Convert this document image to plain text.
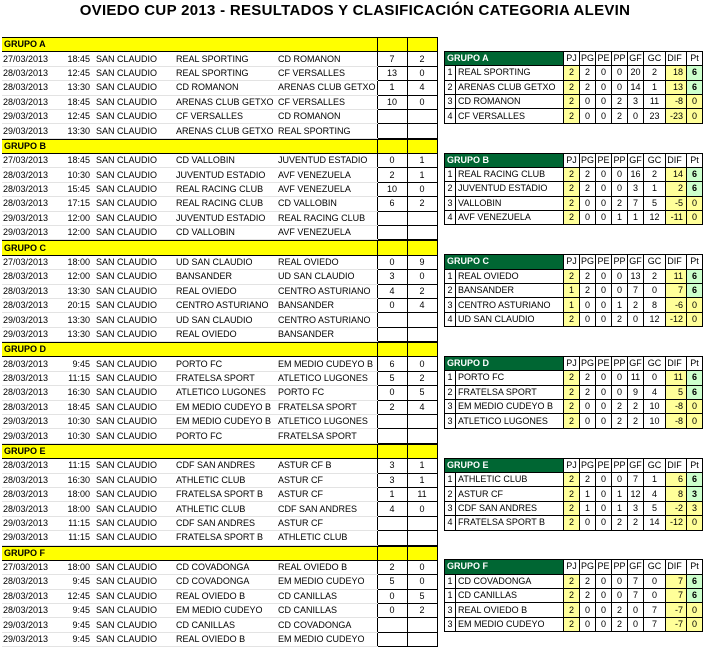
OVIEDO CUP 2013 - RESULTADOS Y CLASIFICACIÓN CATEGORIA ALEVIN
GRUPO A						
27/03/2013	18:45	SAN CLAUDIO	REAL SPORTING	CD ROMANON	7	2
28/03/2013	12:45	SAN CLAUDIO	REAL SPORTING	CF VERSALLES	13	0
28/03/2013	13:30	SAN CLAUDIO	CD ROMANON	ARENAS CLUB GETXO	1	4
28/03/2013	18:45	SAN CLAUDIO	ARENAS CLUB GETXO	CF VERSALLES	10	0
29/03/2013	12:45	SAN CLAUDIO	CF VERSALLES	CD ROMANON		
29/03/2013	13:30	SAN CLAUDIO	ARENAS CLUB GETXO	REAL SPORTING		
GRUPO A		PJ	PG	PE	PP	GF	GC	DIF	Pt
1	REAL SPORTING	2	2	0	0	20	2	18	6
2	ARENAS CLUB GETXO	2	2	0	0	14	1	13	6
3	CD ROMANON	2	0	0	2	3	11	-8	0
4	CF VERSALLES	2	0	0	2	0	23	-23	0
GRUPO B						
27/03/2013	18:45	SAN CLAUDIO	CD VALLOBIN	JUVENTUD ESTADIO	0	1
28/03/2013	10:30	SAN CLAUDIO	JUVENTUD ESTADIO	AVF VENEZUELA	2	1
28/03/2013	15:45	SAN CLAUDIO	REAL RACING CLUB	AVF VENEZUELA	10	0
28/03/2013	17:15	SAN CLAUDIO	REAL RACING CLUB	CD VALLOBIN	6	2
29/03/2013	12:00	SAN CLAUDIO	JUVENTUD ESTADIO	REAL RACING CLUB		
29/03/2013	12:00	SAN CLAUDIO	CD VALLOBIN	AVF VENEZUELA		
GRUPO B		PJ	PG	PE	PP	GF	GC	DIF	Pt
1	REAL RACING CLUB	2	2	0	0	16	2	14	6
2	JUVENTUD ESTADIO	2	2	0	0	3	1	2	6
3	VALLOBIN	2	0	0	2	7	5	-5	0
4	AVF VENEZUELA	2	0	0	1	1	12	-11	0
GRUPO C						
27/03/2013	18:00	SAN CLAUDIO	UD SAN CLAUDIO	REAL OVIEDO	0	9
28/03/2013	12:00	SAN CLAUDIO	BANSANDER	UD SAN CLAUDIO	3	0
28/03/2013	13:30	SAN CLAUDIO	REAL OVIEDO	CENTRO ASTURIANO	4	2
28/03/2013	20:15	SAN CLAUDIO	CENTRO ASTURIANO	BANSANDER	0	4
29/03/2013	13:30	SAN CLAUDIO	UD SAN CLAUDIO	CENTRO ASTURIANO		
29/03/2013	13:30	SAN CLAUDIO	REAL OVIEDO	BANSANDER		
GRUPO C		PJ	PG	PE	PP	GF	GC	DIF	Pt
1	REAL OVIEDO	2	2	0	0	13	2	11	6
2	BANSANDER	1	2	0	0	7	0	7	6
3	CENTRO ASTURIANO	1	0	0	1	2	8	-6	0
4	UD SAN CLAUDIO	2	0	0	2	0	12	-12	0
GRUPO D						
28/03/2013	9:45	SAN CLAUDIO	PORTO FC	EM MEDIO CUDEYO B	6	0
28/03/2013	11:15	SAN CLAUDIO	FRATELSA SPORT	ATLETICO LUGONES	5	2
28/03/2013	16:30	SAN CLAUDIO	ATLETICO LUGONES	PORTO FC	0	5
28/03/2013	18:45	SAN CLAUDIO	EM MEDIO CUDEYO B	FRATELSA SPORT	2	4
29/03/2013	10:30	SAN CLAUDIO	EM MEDIO CUDEYO B	ATLETICO LUGONES		
29/03/2013	10:30	SAN CLAUDIO	PORTO FC	FRATELSA SPORT		
GRUPO D		PJ	PG	PE	PP	GF	GC	DIF	Pt
1	PORTO FC	2	2	0	0	11	0	11	6
2	FRATELSA SPORT	2	2	0	0	9	4	5	6
3	EM MEDIO CUDEYO B	2	0	0	2	2	10	-8	0
3	ATLETICO LUGONES	2	0	0	2	2	10	-8	0
GRUPO E						
28/03/2013	11:15	SAN CLAUDIO	CDF SAN ANDRES	ASTUR CF B	3	1
28/03/2013	16:30	SAN CLAUDIO	ATHLETIC CLUB	ASTUR CF	3	1
28/03/2013	18:00	SAN CLAUDIO	FRATELSA SPORT B	ASTUR CF	1	11
28/03/2013	18:00	SAN CLAUDIO	ATHLETIC CLUB	CDF SAN ANDRES	4	0
29/03/2013	11:15	SAN CLAUDIO	CDF SAN ANDRES	ASTUR CF		
29/03/2013	11:15	SAN CLAUDIO	FRATELSA SPORT B	ATHLETIC CLUB		
GRUPO E		PJ	PG	PE	PP	GF	GC	DIF	Pt
1	ATHLETIC CLUB	2	2	0	0	7	1	6	6
2	ASTUR CF	2	1	0	1	12	4	8	3
3	CDF SAN ANDRES	2	1	0	1	3	5	-2	3
4	FRATELSA SPORT B	2	0	0	2	2	14	-12	0
GRUPO F						
27/03/2013	18:00	SAN CLAUDIO	CD COVADONGA	REAL OVIEDO B	2	0
28/03/2013	9:45	SAN CLAUDIO	CD COVADONGA	EM MEDIO CUDEYO	5	0
28/03/2013	12:45	SAN CLAUDIO	REAL OVIEDO B	CD CANILLAS	0	5
28/03/2013	9:45	SAN CLAUDIO	EM MEDIO CUDEYO	CD CANILLAS	0	2
29/03/2013	9:45	SAN CLAUDIO	CD CANILLAS	CD COVADONGA		
29/03/2013	9:45	SAN CLAUDIO	REAL OVIEDO B	EM MEDIO CUDEYO		
GRUPO F		PJ	PG	PE	PP	GF	GC	DIF	Pt
1	CD COVADONGA	2	2	0	0	7	0	7	6
1	CD CANILLAS	2	2	0	0	7	0	7	6
3	REAL OVIEDO B	2	0	0	2	0	7	-7	0
3	EM MEDIO CUDEYO	2	0	0	2	0	7	-7	0
